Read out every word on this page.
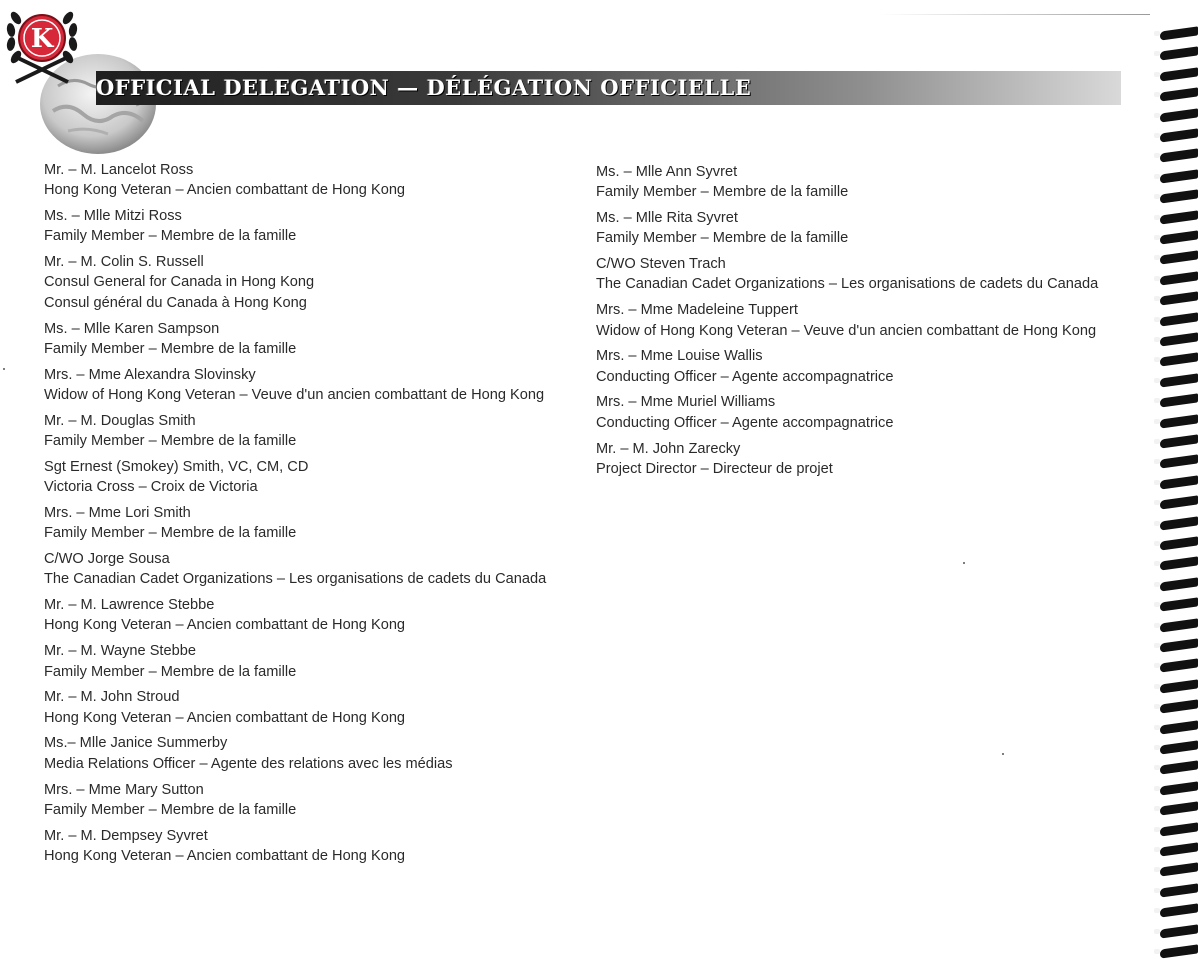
OFFICIAL DELEGATION — DÉLÉGATION OFFICIELLE
K
Mr. – M. Lancelot Ross
Hong Kong Veteran – Ancien combattant de Hong Kong
Ms. – Mlle Mitzi Ross
Family Member – Membre de la famille
Mr. – M. Colin S. Russell
Consul General for Canada in Hong Kong
Consul général du Canada à Hong Kong
Ms. – Mlle Karen Sampson
Family Member – Membre de la famille
Mrs. – Mme Alexandra Slovinsky
Widow of Hong Kong Veteran – Veuve d'un ancien combattant de Hong Kong
Mr. – M. Douglas Smith
Family Member – Membre de la famille
Sgt Ernest (Smokey) Smith, VC, CM, CD
Victoria Cross – Croix de Victoria
Mrs. – Mme Lori Smith
Family Member – Membre de la famille
C/WO Jorge Sousa
The Canadian Cadet Organizations – Les organisations de cadets du Canada
Mr. – M. Lawrence Stebbe
Hong Kong Veteran – Ancien combattant de Hong Kong
Mr. – M. Wayne Stebbe
Family Member – Membre de la famille
Mr. – M. John Stroud
Hong Kong Veteran – Ancien combattant de Hong Kong
Ms.– Mlle Janice Summerby
Media Relations Officer – Agente des relations avec les médias
Mrs. – Mme Mary Sutton
Family Member – Membre de la famille
Mr. – M. Dempsey Syvret
Hong Kong Veteran – Ancien combattant de Hong Kong
Ms. – Mlle Ann Syvret
Family Member – Membre de la famille
Ms. – Mlle Rita Syvret
Family Member – Membre de la famille
C/WO Steven Trach
The Canadian Cadet Organizations – Les organisations de cadets du Canada
Mrs. – Mme Madeleine Tuppert
Widow of Hong Kong Veteran – Veuve d'un ancien combattant de Hong Kong
Mrs. – Mme Louise Wallis
Conducting Officer – Agente accompagnatrice
Mrs. – Mme Muriel Williams
Conducting Officer – Agente accompagnatrice
Mr. – M. John Zarecky
Project Director – Directeur de projet
